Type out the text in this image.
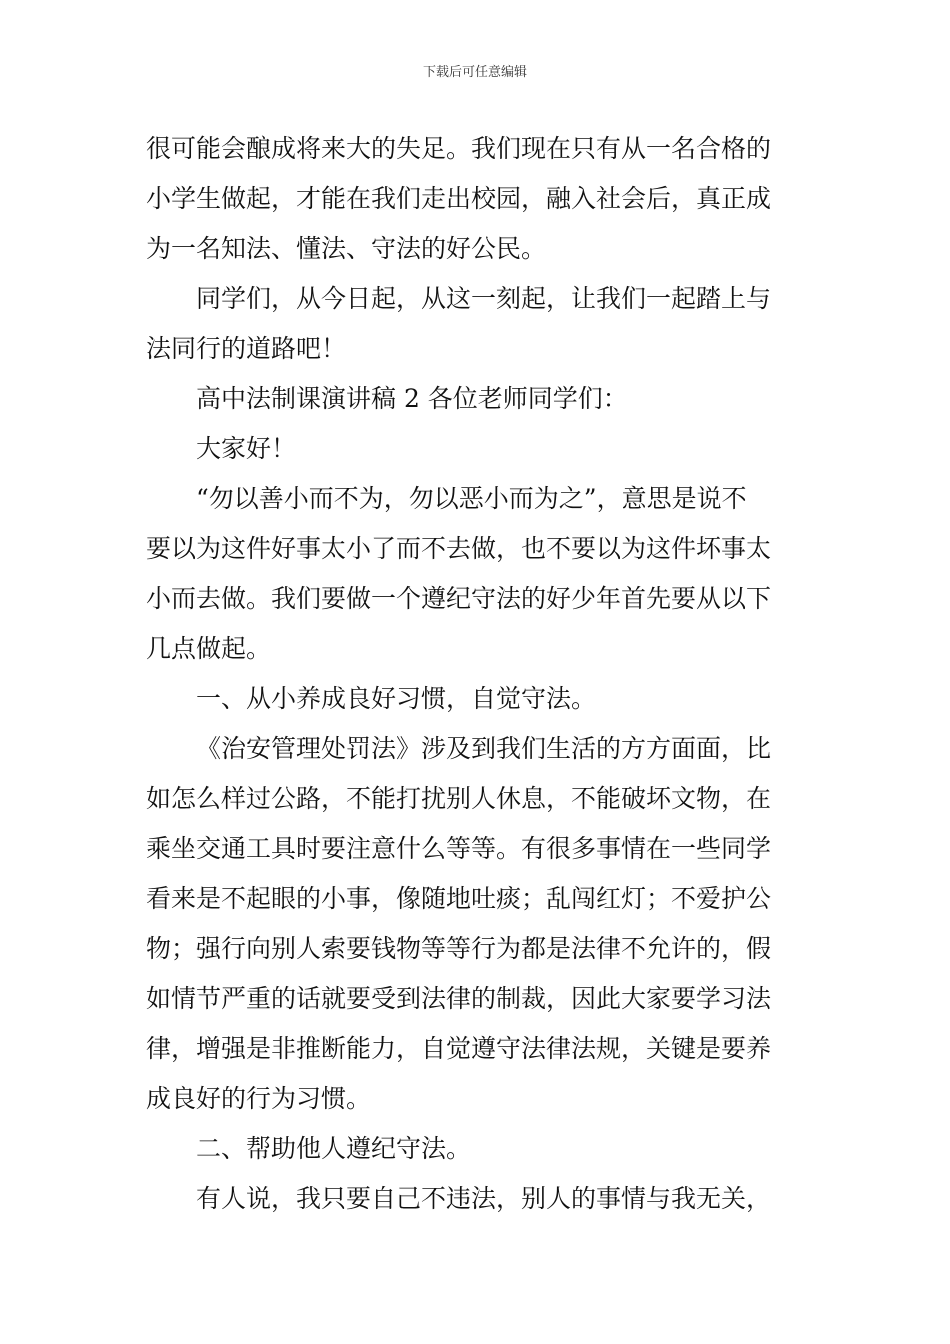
下载后可任意编辑
很可能会酿成将来大的失足。我们现在只有从一名合格的
小学生做起，才能在我们走出校园，融入社会后，真正成
为一名知法、懂法、守法的好公民。
同学们，从今日起，从这一刻起，让我们一起踏上与
法同行的道路吧！
高中法制课演讲稿 2 各位老师同学们：
大家好！
“勿以善小而不为，勿以恶小而为之”，意思是说不
要以为这件好事太小了而不去做，也不要以为这件坏事太
小而去做。我们要做一个遵纪守法的好少年首先要从以下
几点做起。
一、从小养成良好习惯，自觉守法。
《治安管理处罚法》涉及到我们生活的方方面面，比
如怎么样过公路，不能打扰别人休息，不能破坏文物，在
乘坐交通工具时要注意什么等等。有很多事情在一些同学
看来是不起眼的小事，像随地吐痰；乱闯红灯；不爱护公
物；强行向别人索要钱物等等行为都是法律不允许的，假
如情节严重的话就要受到法律的制裁，因此大家要学习法
律，增强是非推断能力，自觉遵守法律法规，关键是要养
成良好的行为习惯。
二、帮助他人遵纪守法。
有人说，我只要自己不违法，别人的事情与我无关，
